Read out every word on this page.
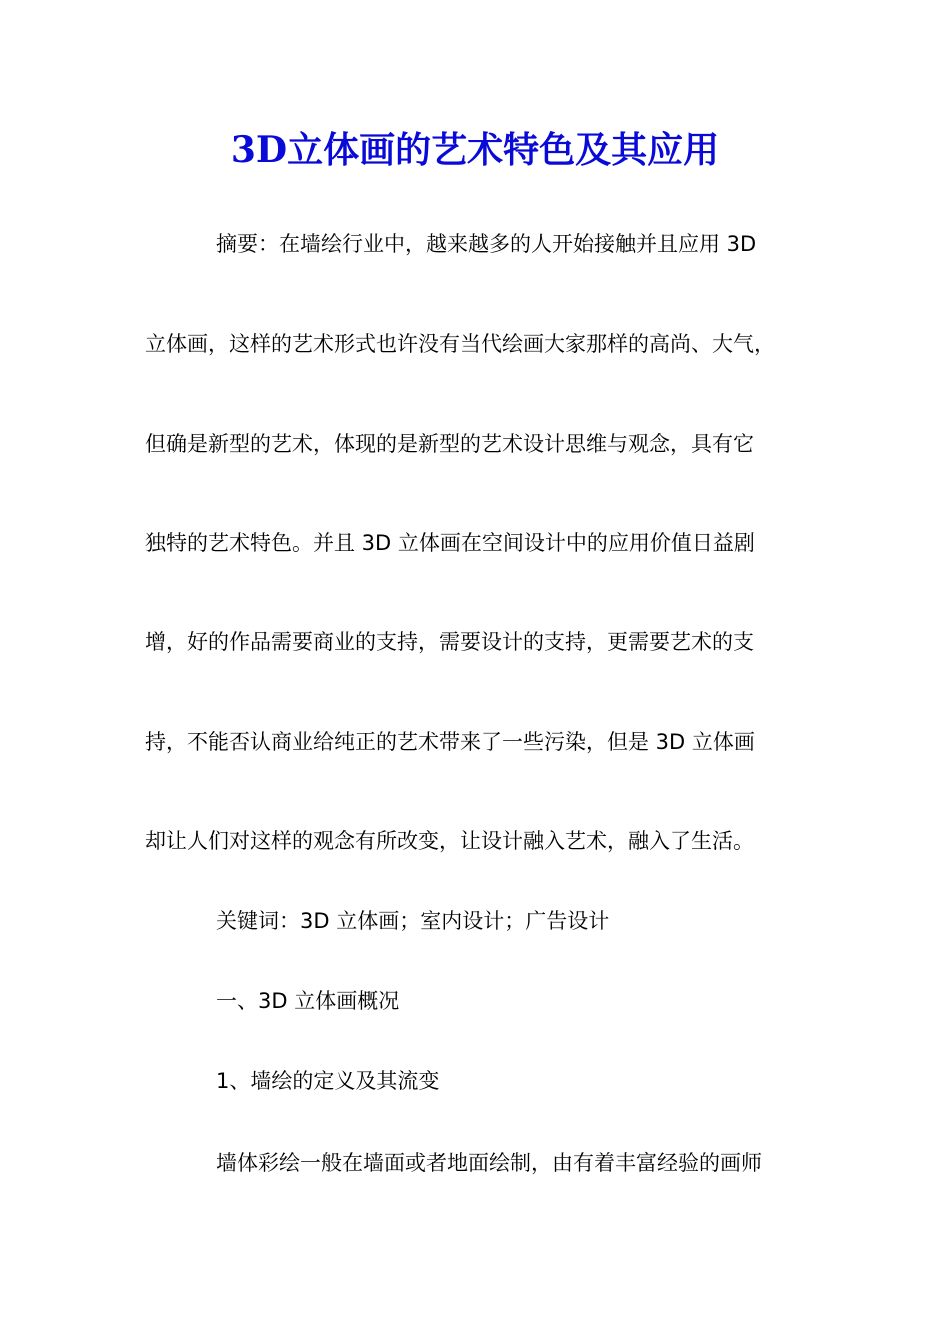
3D立体画的艺术特色及其应用

摘要：在墙绘行业中，越来越多的人开始接触并且应用 3D

立体画，这样的艺术形式也许没有当代绘画大家那样的高尚、大气，

但确是新型的艺术，体现的是新型的艺术设计思维与观念，具有它

独特的艺术特色。并且 3D 立体画在空间设计中的应用价值日益剧

增，好的作品需要商业的支持，需要设计的支持，更需要艺术的支

持，不能否认商业给纯正的艺术带来了一些污染，但是 3D 立体画

却让人们对这样的观念有所改变，让设计融入艺术，融入了生活。

关键词：3D 立体画；室内设计；广告设计

一、3D 立体画概况

1、墙绘的定义及其流变

墙体彩绘一般在墙面或者地面绘制，由有着丰富经验的画师
